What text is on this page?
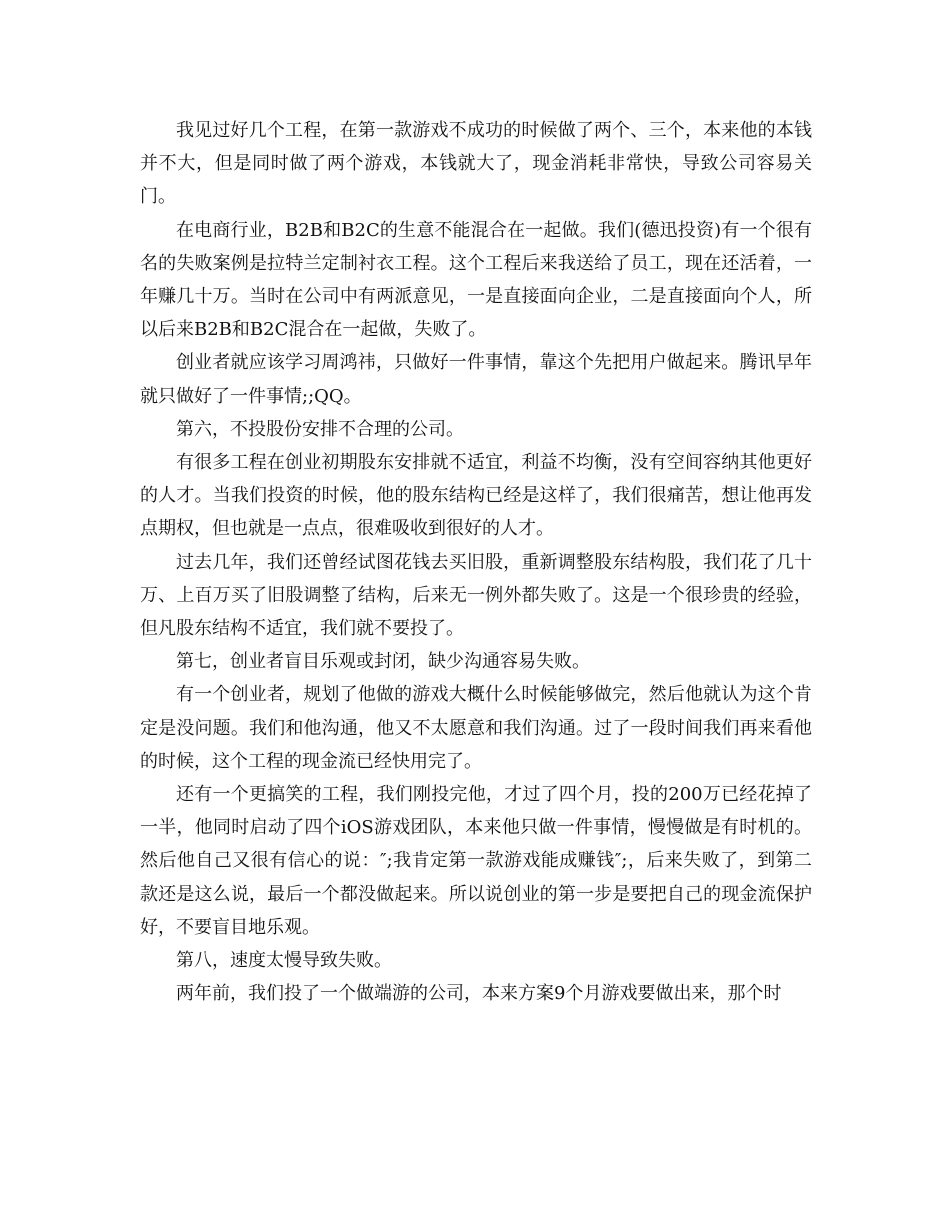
我见过好几个工程，在第一款游戏不成功的时候做了两个、三个，本来他的本钱并不大，但是同时做了两个游戏，本钱就大了，现金消耗非常快，导致公司容易关门。

在电商行业，B2B和B2C的生意不能混合在一起做。我们(德迅投资)有一个很有名的失败案例是拉特兰定制衬衣工程。这个工程后来我送给了员工，现在还活着，一年赚几十万。当时在公司中有两派意见，一是直接面向企业，二是直接面向个人，所以后来B2B和B2C混合在一起做，失败了。

创业者就应该学习周鸿祎，只做好一件事情，靠这个先把用户做起来。腾讯早年就只做好了一件事情;;QQ。

第六，不投股份安排不合理的公司。

有很多工程在创业初期股东安排就不适宜，利益不均衡，没有空间容纳其他更好的人才。当我们投资的时候，他的股东结构已经是这样了，我们很痛苦，想让他再发点期权，但也就是一点点，很难吸收到很好的人才。

过去几年，我们还曾经试图花钱去买旧股，重新调整股东结构股，我们花了几十万、上百万买了旧股调整了结构，后来无一例外都失败了。这是一个很珍贵的经验，但凡股东结构不适宜，我们就不要投了。

第七，创业者盲目乐观或封闭，缺少沟通容易失败。

有一个创业者，规划了他做的游戏大概什么时候能够做完，然后他就认为这个肯定是没问题。我们和他沟通，他又不太愿意和我们沟通。过了一段时间我们再来看他的时候，这个工程的现金流已经快用完了。

还有一个更搞笑的工程，我们刚投完他，才过了四个月，投的200万已经花掉了一半，他同时启动了四个iOS游戏团队，本来他只做一件事情，慢慢做是有时机的。然后他自己又很有信心的说：″;我肯定第一款游戏能成赚钱″;，后来失败了，到第二款还是这么说，最后一个都没做起来。所以说创业的第一步是要把自己的现金流保护好，不要盲目地乐观。

第八，速度太慢导致失败。

两年前，我们投了一个做端游的公司，本来方案9个月游戏要做出来，那个时
